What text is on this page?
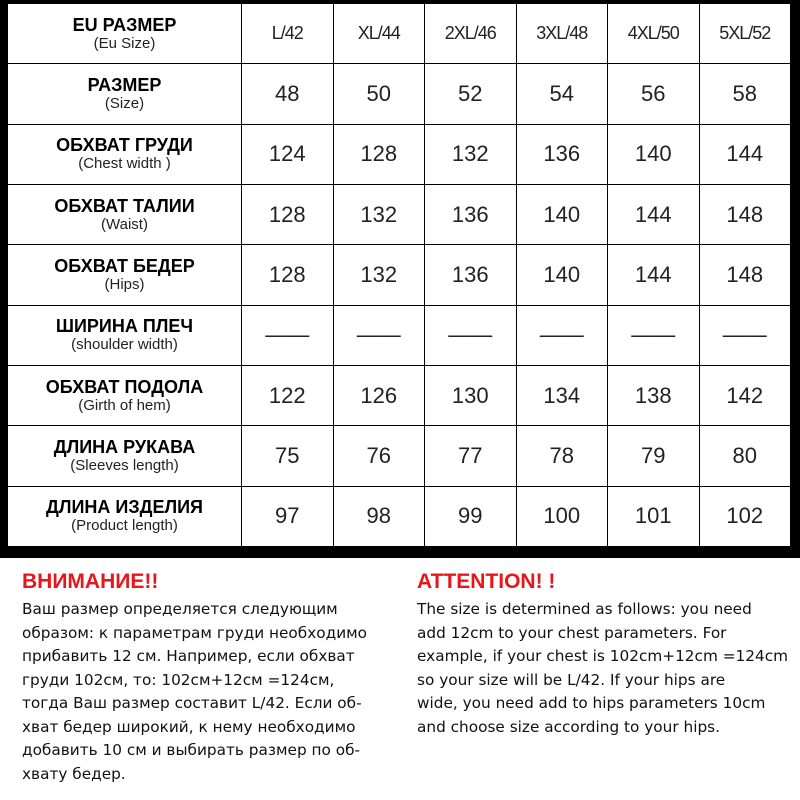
EU РАЗМЕР
(Eu Size)	L/42	XL/44	2XL/46	3XL/48	4XL/50	5XL/52

РАЗМЕР
(Size)	48	50	52	54	56	58

ОБХВАТ ГРУДИ
(Chest width )	124	128	132	136	140	144

ОБХВАТ ТАЛИИ
(Waist)	128	132	136	140	144	148

ОБХВАТ БЕДЕР
(Hips)	128	132	136	140	144	148

ШИРИНА ПЛЕЧ
(shoulder width)	——	——	——	——	——	——

ОБХВАТ ПОДОЛА
(Girth of hem)	122	126	130	134	138	142

ДЛИНА РУКАВА
(Sleeves length)	75	76	77	78	79	80

ДЛИНА ИЗДЕЛИЯ
(Product length)	97	98	99	100	101	102
ВНИМАНИЕ!!

Ваш размер определяется следующим
образом: к параметрам груди необходимо
прибавить 12 см. Например, если обхват
груди 102см, то: 102см+12см =124см,
тогда Ваш размер составит L/42. Если об-
хват бедер широкий, к нему необходимо
добавить 10 см и выбирать размер по об-
хвату бедер.

ATTENTION! !

The size is determined as follows: you need
add 12cm to your chest parameters. For
example, if your chest is 102cm+12cm =124cm
so your size will be L/42. If your hips are
wide, you need add to hips parameters 10cm
and choose size according to your hips.
